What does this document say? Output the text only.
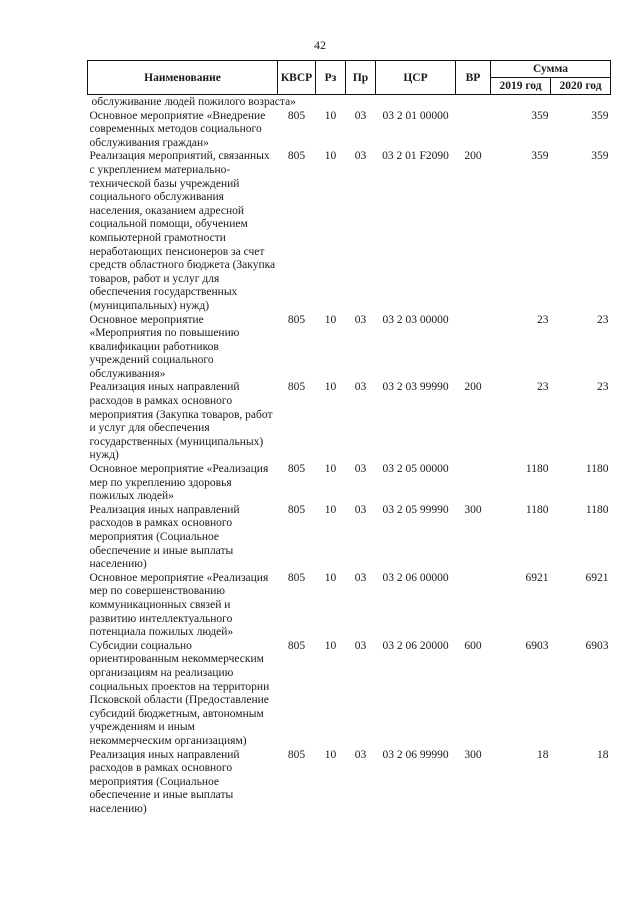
42
Наименование	КВСР	Рз	Пр	ЦСР	ВР	Сумма	
						2019 год	2020 год
обслуживание людей пожилого возраста»							
Основное мероприятие «Внедрение современных методов социального обслуживания граждан»	805	10	03	03 2 01 00000		359	359
Реализация мероприятий, связанных с укреплением материально-технической базы учреждений социального обслуживания населения, оказанием адресной социальной помощи, обучением компьютерной грамотности неработающих пенсионеров за счет средств областного бюджета (Закупка товаров, работ и услуг для обеспечения государственных (муниципальных) нужд)	805	10	03	03 2 01 F2090	200	359	359
Основное мероприятие «Мероприятия по повышению квалификации работников учреждений социального обслуживания»	805	10	03	03 2 03 00000		23	23
Реализация иных направлений расходов в рамках основного мероприятия (Закупка товаров, работ и услуг для обеспечения государственных (муниципальных) нужд)	805	10	03	03 2 03 99990	200	23	23
Основное мероприятие «Реализация мер по укреплению здоровья пожилых людей»	805	10	03	03 2 05 00000		1180	1180
Реализация иных направлений расходов в рамках основного мероприятия (Социальное обеспечение и иные выплаты населению)	805	10	03	03 2 05 99990	300	1180	1180
Основное мероприятие «Реализация мер по совершенствованию коммуникационных связей и развитию интеллектуального потенциала пожилых людей»	805	10	03	03 2 06 00000		6921	6921
Субсидии социально ориентированным некоммерческим организациям на реализацию социальных проектов на территории Псковской области (Предоставление субсидий бюджетным, автономным учреждениям и иным некоммерческим организациям)	805	10	03	03 2 06 20000	600	6903	6903
Реализация иных направлений расходов в рамках основного мероприятия (Социальное обеспечение и иные выплаты населению)	805	10	03	03 2 06 99990	300	18	18
